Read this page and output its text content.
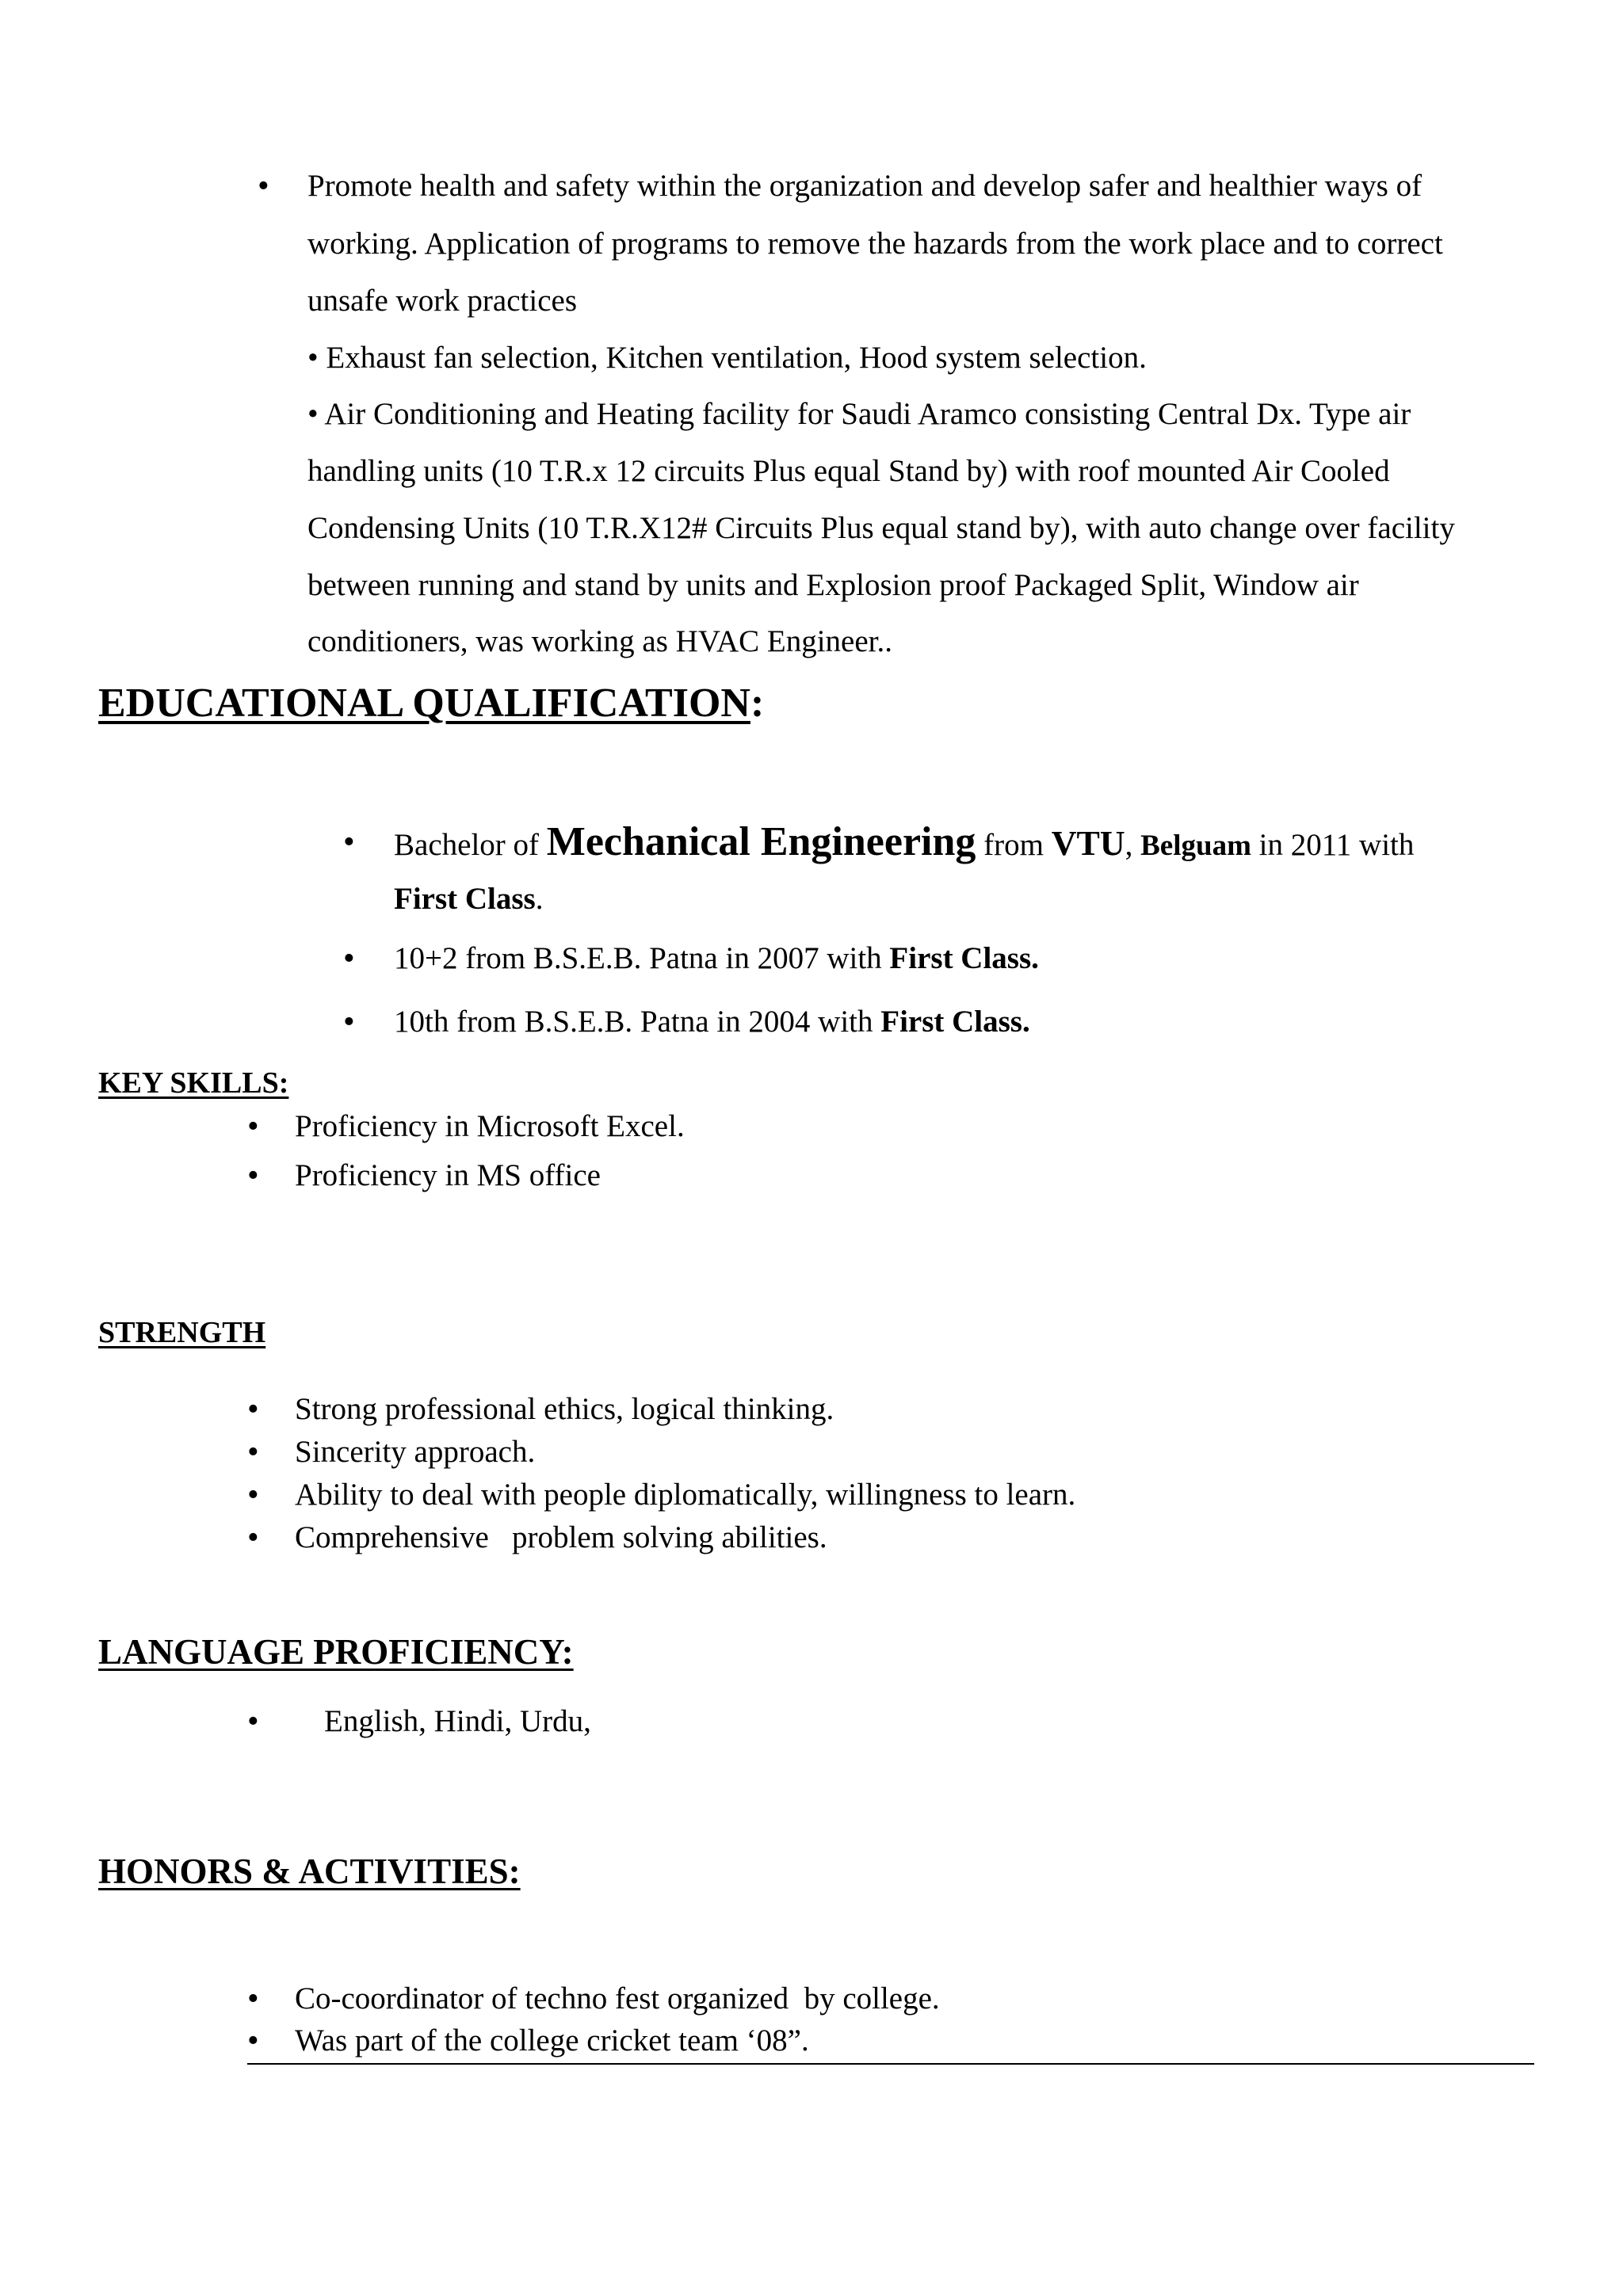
• Promote health and safety within the organization and develop safer and healthier ways of
working. Application of programs to remove the hazards from the work place and to correct
unsafe work practices
• Exhaust fan selection, Kitchen ventilation, Hood system selection.
• Air Conditioning and Heating facility for Saudi Aramco consisting Central Dx. Type air
handling units (10 T.R.x 12 circuits Plus equal Stand by) with roof mounted Air Cooled
Condensing Units (10 T.R.X12# Circuits Plus equal stand by), with auto change over facility
between running and stand by units and Explosion proof Packaged Split, Window air
conditioners, was working as HVAC Engineer..
EDUCATIONAL QUALIFICATION:
• Bachelor of Mechanical Engineering from VTU, Belguam in 2011 with
First Class.
• 10+2 from B.S.E.B. Patna in 2007 with First Class.
• 10th from B.S.E.B. Patna in 2004 with First Class.
KEY SKILLS:
• Proficiency in Microsoft Excel.
• Proficiency in MS office
STRENGTH
• Strong professional ethics, logical thinking.
• Sincerity approach.
• Ability to deal with people diplomatically, willingness to learn.
• Comprehensive   problem solving abilities.
LANGUAGE PROFICIENCY:
• English, Hindi, Urdu,
HONORS & ACTIVITIES:
• Co-coordinator of techno fest organized  by college.
• Was part of the college cricket team ‘08”.
